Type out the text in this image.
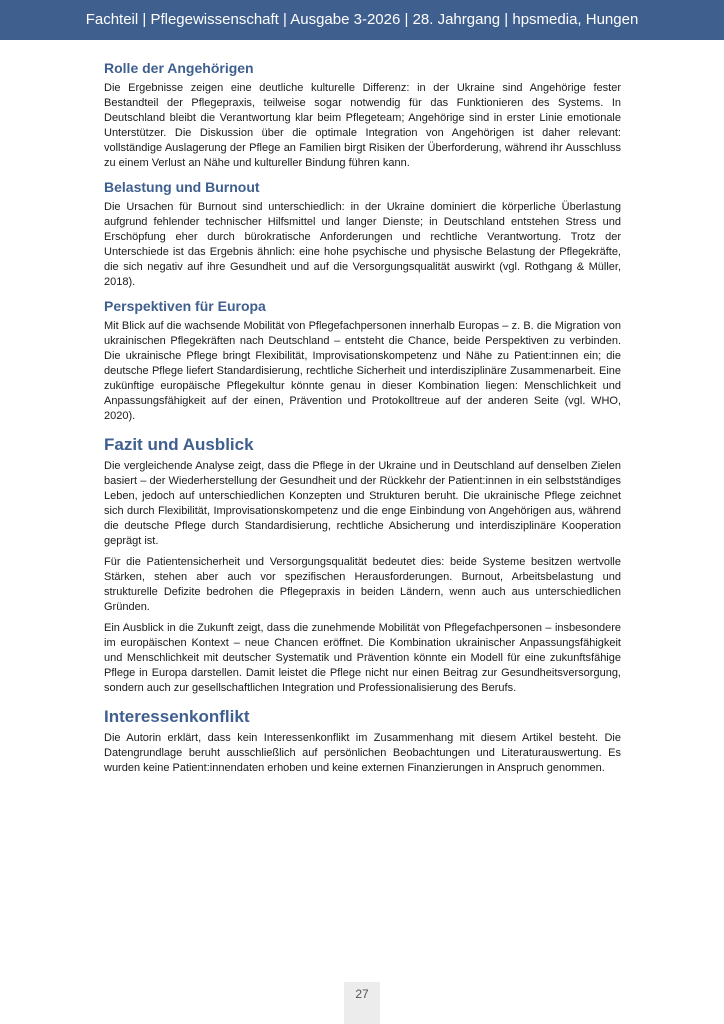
Fachteil | Pflegewissenschaft | Ausgabe 3-2026 | 28. Jahrgang | hpsmedia, Hungen
Rolle der Angehörigen

Die Ergebnisse zeigen eine deutliche kulturelle Differenz: in der Ukraine sind Angehörige fester Bestandteil der Pflegepraxis, teilweise sogar notwendig für das Funktionieren des Systems. In Deutschland bleibt die Verantwortung klar beim Pflegeteam; Angehörige sind in erster Linie emotionale Unterstützer. Die Diskussion über die optimale Integration von Angehörigen ist daher relevant: vollständige Auslagerung der Pflege an Familien birgt Risiken der Überforderung, während ihr Ausschluss zu einem Verlust an Nähe und kultureller Bindung führen kann.

Belastung und Burnout

Die Ursachen für Burnout sind unterschiedlich: in der Ukraine dominiert die körperliche Überlastung aufgrund fehlender technischer Hilfsmittel und langer Dienste; in Deutschland entstehen Stress und Erschöpfung eher durch bürokratische Anforderungen und rechtliche Verantwortung. Trotz der Unterschiede ist das Ergebnis ähnlich: eine hohe psychische und physische Belastung der Pflegekräfte, die sich negativ auf ihre Gesundheit und auf die Versorgungsqualität auswirkt (vgl. Rothgang & Müller, 2018).

Perspektiven für Europa

Mit Blick auf die wachsende Mobilität von Pflegefachpersonen innerhalb Europas – z. B. die Migration von ukrainischen Pflegekräften nach Deutschland – entsteht die Chance, beide Perspektiven zu verbinden. Die ukrainische Pflege bringt Flexibilität, Improvisationskompetenz und Nähe zu Patient:innen ein; die deutsche Pflege liefert Standardisierung, rechtliche Sicherheit und interdisziplinäre Zusammenarbeit. Eine zukünftige europäische Pflegekultur könnte genau in dieser Kombination liegen: Menschlichkeit und Anpassungsfähigkeit auf der einen, Prävention und Protokolltreue auf der anderen Seite (vgl. WHO, 2020).

Fazit und Ausblick

Die vergleichende Analyse zeigt, dass die Pflege in der Ukraine und in Deutschland auf denselben Zielen basiert – der Wiederherstellung der Gesundheit und der Rückkehr der Patient:innen in ein selbstständiges Leben, jedoch auf unterschiedlichen Konzepten und Strukturen beruht. Die ukrainische Pflege zeichnet sich durch Flexibilität, Improvisationskompetenz und die enge Einbindung von Angehörigen aus, während die deutsche Pflege durch Standardisierung, rechtliche Absicherung und interdisziplinäre Kooperation geprägt ist.

Für die Patientensicherheit und Versorgungsqualität bedeutet dies: beide Systeme besitzen wertvolle Stärken, stehen aber auch vor spezifischen Herausforderungen. Burnout, Arbeitsbelastung und strukturelle Defizite bedrohen die Pflegepraxis in beiden Ländern, wenn auch aus unterschiedlichen Gründen.

Ein Ausblick in die Zukunft zeigt, dass die zunehmende Mobilität von Pflegefachpersonen – insbesondere im europäischen Kontext – neue Chancen eröffnet. Die Kombination ukrainischer Anpassungsfähigkeit und Menschlichkeit mit deutscher Systematik und Prävention könnte ein Modell für eine zukunftsfähige Pflege in Europa darstellen. Damit leistet die Pflege nicht nur einen Beitrag zur Gesundheitsversorgung, sondern auch zur gesellschaftlichen Integration und Professionalisierung des Berufs.

Interessenkonflikt

Die Autorin erklärt, dass kein Interessenkonflikt im Zusammenhang mit diesem Artikel besteht. Die Datengrundlage beruht ausschließlich auf persönlichen Beobachtungen und Literaturauswertung. Es wurden keine Patient:innendaten erhoben und keine externen Finanzierungen in Anspruch genommen.

27
